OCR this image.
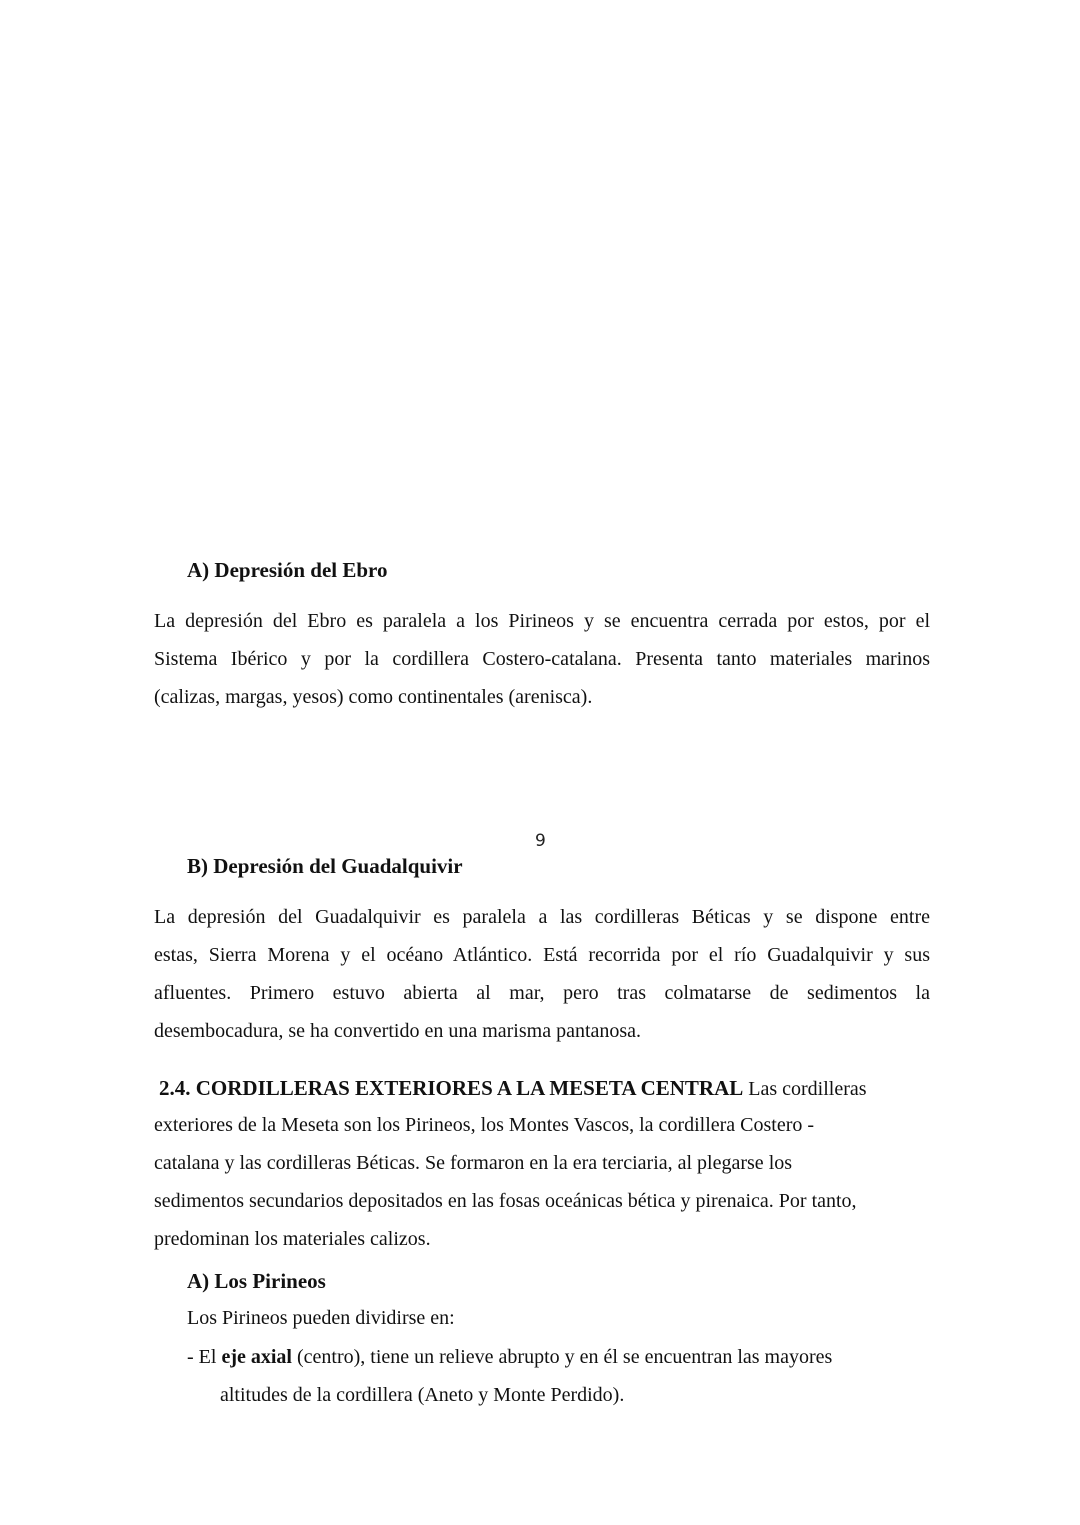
A) Depresión del Ebro
La depresión del Ebro es paralela a los Pirineos y se encuentra cerrada por estos, por el
Sistema Ibérico y por la cordillera Costero-catalana. Presenta tanto materiales marinos
(calizas, margas, yesos) como continentales (arenisca).
9
B) Depresión del Guadalquivir
La depresión del Guadalquivir es paralela a las cordilleras Béticas y se dispone entre
estas, Sierra Morena y el océano Atlántico. Está recorrida por el río Guadalquivir y sus
afluentes. Primero estuvo abierta al mar, pero tras colmatarse de sedimentos la
desembocadura, se ha convertido en una marisma pantanosa.
2.4. CORDILLERAS EXTERIORES A LA MESETA CENTRAL Las cordilleras
exteriores de la Meseta son los Pirineos, los Montes Vascos, la cordillera Costero -
catalana y las cordilleras Béticas. Se formaron en la era terciaria, al plegarse los
sedimentos secundarios depositados en las fosas oceánicas bética y pirenaica. Por tanto,
predominan los materiales calizos.
A) Los Pirineos
Los Pirineos pueden dividirse en:
- El eje axial (centro), tiene un relieve abrupto y en él se encuentran las mayores
altitudes de la cordillera (Aneto y Monte Perdido).
